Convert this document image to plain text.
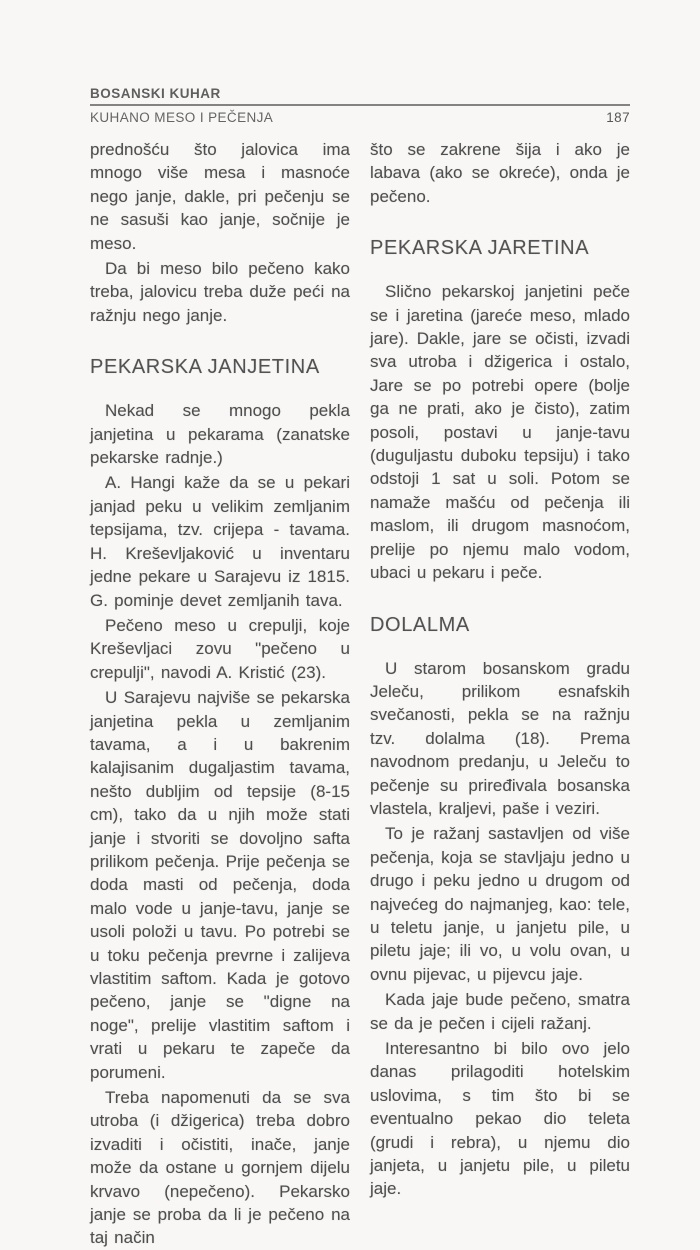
BOSANSKI KUHAR
KUHANO MESO I PEČENJA	187

prednošću što jalovica ima mnogo više mesa i masnoće nego janje, dakle, pri pečenju se ne sasuši kao janje, sočnije je meso.

Da bi meso bilo pečeno kako treba, jalovicu treba duže peći na ražnju nego janje.

PEKARSKA JANJETINA

Nekad se mnogo pekla janjetina u pekarama (zanatske pekarske radnje.)

A. Hangi kaže da se u pekari janjad peku u velikim zemljanim tepsijama, tzv. crijepa - tavama. H. Kreševljaković u inventaru jedne pekare u Sarajevu iz 1815. G. pominje devet zemljanih tava.

Pečeno meso u crepulji, koje Kreševljaci zovu "pečeno u crepulji", navodi A. Kristić (23).

U Sarajevu najviše se pekarska janjetina pekla u zemljanim tavama, a i u bakrenim kalajisanim dugaljastim tavama, nešto dubljim od tepsije (8-15 cm), tako da u njih može stati janje i stvoriti se dovoljno safta prilikom pečenja. Prije pečenja se doda masti od pečenja, doda malo vode u janje-tavu, janje se usoli položi u tavu. Po potrebi se u toku pečenja prevrne i zalijeva vlastitim saftom. Kada je gotovo pečeno, janje se "digne na noge", prelije vlastitim saftom i vrati u pekaru te zapeče da porumeni.

Treba napomenuti da se sva utroba (i džigerica) treba dobro izvaditi i očistiti, inače, janje može da ostane u gornjem dijelu krvavo (nepečeno). Pekarsko janje se proba da li je pečeno na taj način

što se zakrene šija i ako je labava (ako se okreće), onda je pečeno.

PEKARSKA JARETINA

Slično pekarskoj janjetini peče se i jaretina (jareće meso, mlado jare). Dakle, jare se očisti, izvadi sva utroba i džigerica i ostalo, Jare se po potrebi opere (bolje ga ne prati, ako je čisto), zatim posoli, postavi u janje-tavu (duguljastu duboku tepsiju) i tako odstoji 1 sat u soli. Potom se namaže mašću od pečenja ili maslom, ili drugom masnoćom, prelije po njemu malo vodom, ubaci u pekaru i peče.

DOLALMA

U starom bosanskom gradu Jeleču, prilikom esnafskih svečanosti, pekla se na ražnju tzv. dolalma (18). Prema navodnom predanju, u Jeleču to pečenje su priređivala bosanska vlastela, kraljevi, paše i veziri.

To je ražanj sastavljen od više pečenja, koja se stavljaju jedno u drugo i peku jedno u drugom od najvećeg do najmanjeg, kao: tele, u teletu janje, u janjetu pile, u piletu jaje; ili vo, u volu ovan, u ovnu pijevac, u pijevcu jaje.

Kada jaje bude pečeno, smatra se da je pečen i cijeli ražanj.

Interesantno bi bilo ovo jelo danas prilagoditi hotelskim uslovima, s tim što bi se eventualno pekao dio teleta (grudi i rebra), u njemu dio janjeta, u janjetu pile, u piletu jaje.
